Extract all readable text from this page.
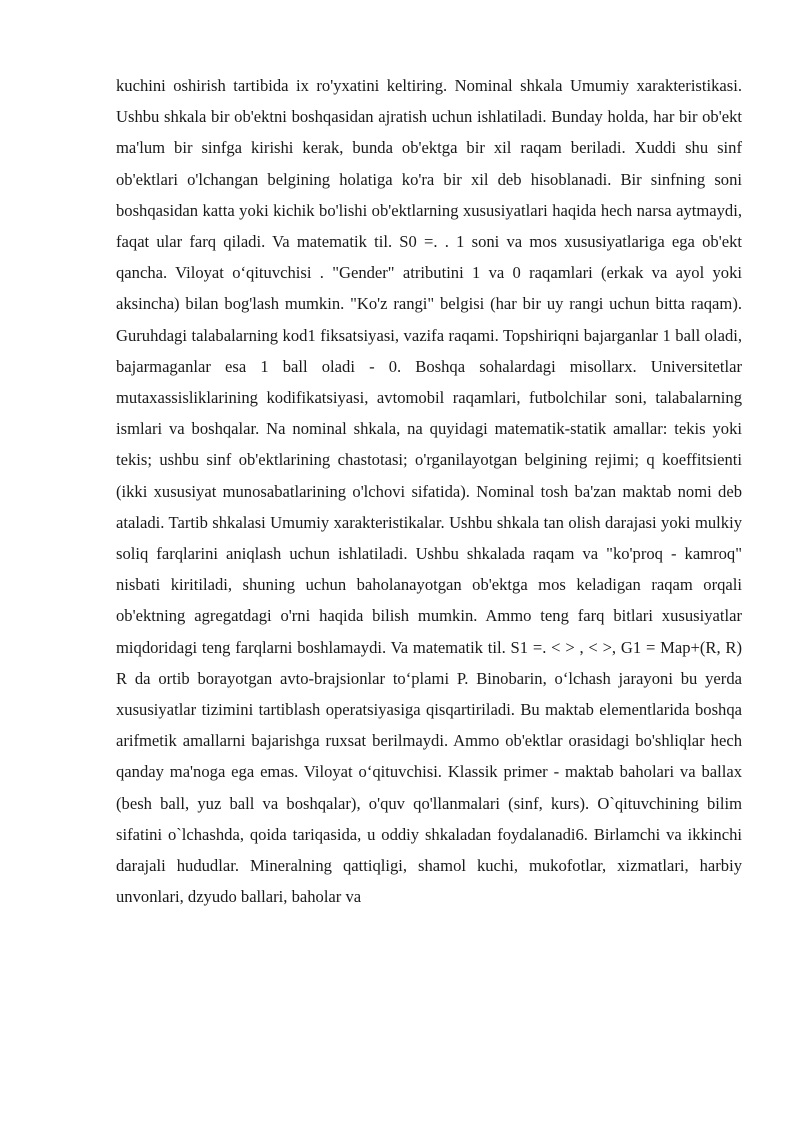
kuchini oshirish tartibida ix ro'yxatini keltiring. Nominal shkala Umumiy xarakteristikasi. Ushbu shkala bir ob'ektni boshqasidan ajratish uchun ishlatiladi. Bunday holda, har bir ob'ekt ma'lum bir sinfga kirishi kerak, bunda ob'ektga bir xil raqam beriladi. Xuddi shu sinf ob'ektlari o'lchangan belgining holatiga ko'ra bir xil deb hisoblanadi. Bir sinfning soni boshqasidan katta yoki kichik bo'lishi ob'ektlarning xususiyatlari haqida hech narsa aytmaydi, faqat ular farq qiladi. Va matematik til. S0 =. . 1 soni va mos xususiyatlariga ega ob'ekt qancha. Viloyat o‘qituvchisi . "Gender" atributini 1 va 0 raqamlari (erkak va ayol yoki aksincha) bilan bog'lash mumkin. "Ko'z rangi" belgisi (har bir uy rangi uchun bitta raqam). Guruhdagi talabalarning kod1 fiksatsiyasi, vazifa raqami. Topshiriqni bajarganlar 1 ball oladi, bajarmaganlar esa 1 ball oladi - 0. Boshqa sohalardagi misollarx. Universitetlar mutaxassisliklarining kodifikatsiyasi, avtomobil raqamlari, futbolchilar soni, talabalarning ismlari va boshqalar. Na nominal shkala, na quyidagi matematik-statik amallar: tekis yoki tekis; ushbu sinf ob'ektlarining chastotasi; o'rganilayotgan belgining rejimi; q koeffitsienti (ikki xususiyat munosabatlarining o'lchovi sifatida). Nominal tosh ba'zan maktab nomi deb ataladi. Tartib shkalasi Umumiy xarakteristikalar. Ushbu shkala tan olish darajasi yoki mulkiy soliq farqlarini aniqlash uchun ishlatiladi. Ushbu shkalada raqam va "ko'proq - kamroq" nisbati kiritiladi, shuning uchun baholanayotgan ob'ektga mos keladigan raqam orqali ob'ektning agregatdagi o'rni haqida bilish mumkin. Ammo teng farq bitlari xususiyatlar miqdoridagi teng farqlarni boshlamaydi. Va matematik til. S1 =. < > , < >, G1 = Map+(R, R) R da ortib borayotgan avto-brajsionlar to‘plami P. Binobarin, o‘lchash jarayoni bu yerda xususiyatlar tizimini tartiblash operatsiyasiga qisqartiriladi. Bu maktab elementlarida boshqa arifmetik amallarni bajarishga ruxsat berilmaydi. Ammo ob'ektlar orasidagi bo'shliqlar hech qanday ma'noga ega emas. Viloyat o‘qituvchisi. Klassik primer - maktab baholari va ballax (besh ball, yuz ball va boshqalar), o'quv qo'llanmalari (sinf, kurs). O`qituvchining bilim sifatini o`lchashda, qoida tariqasida, u oddiy shkaladan foydalanadi6. Birlamchi va ikkinchi darajali hududlar. Mineralning qattiqligi, shamol kuchi, mukofotlar, xizmatlari, harbiy unvonlari, dzyudo ballari, baholar va
